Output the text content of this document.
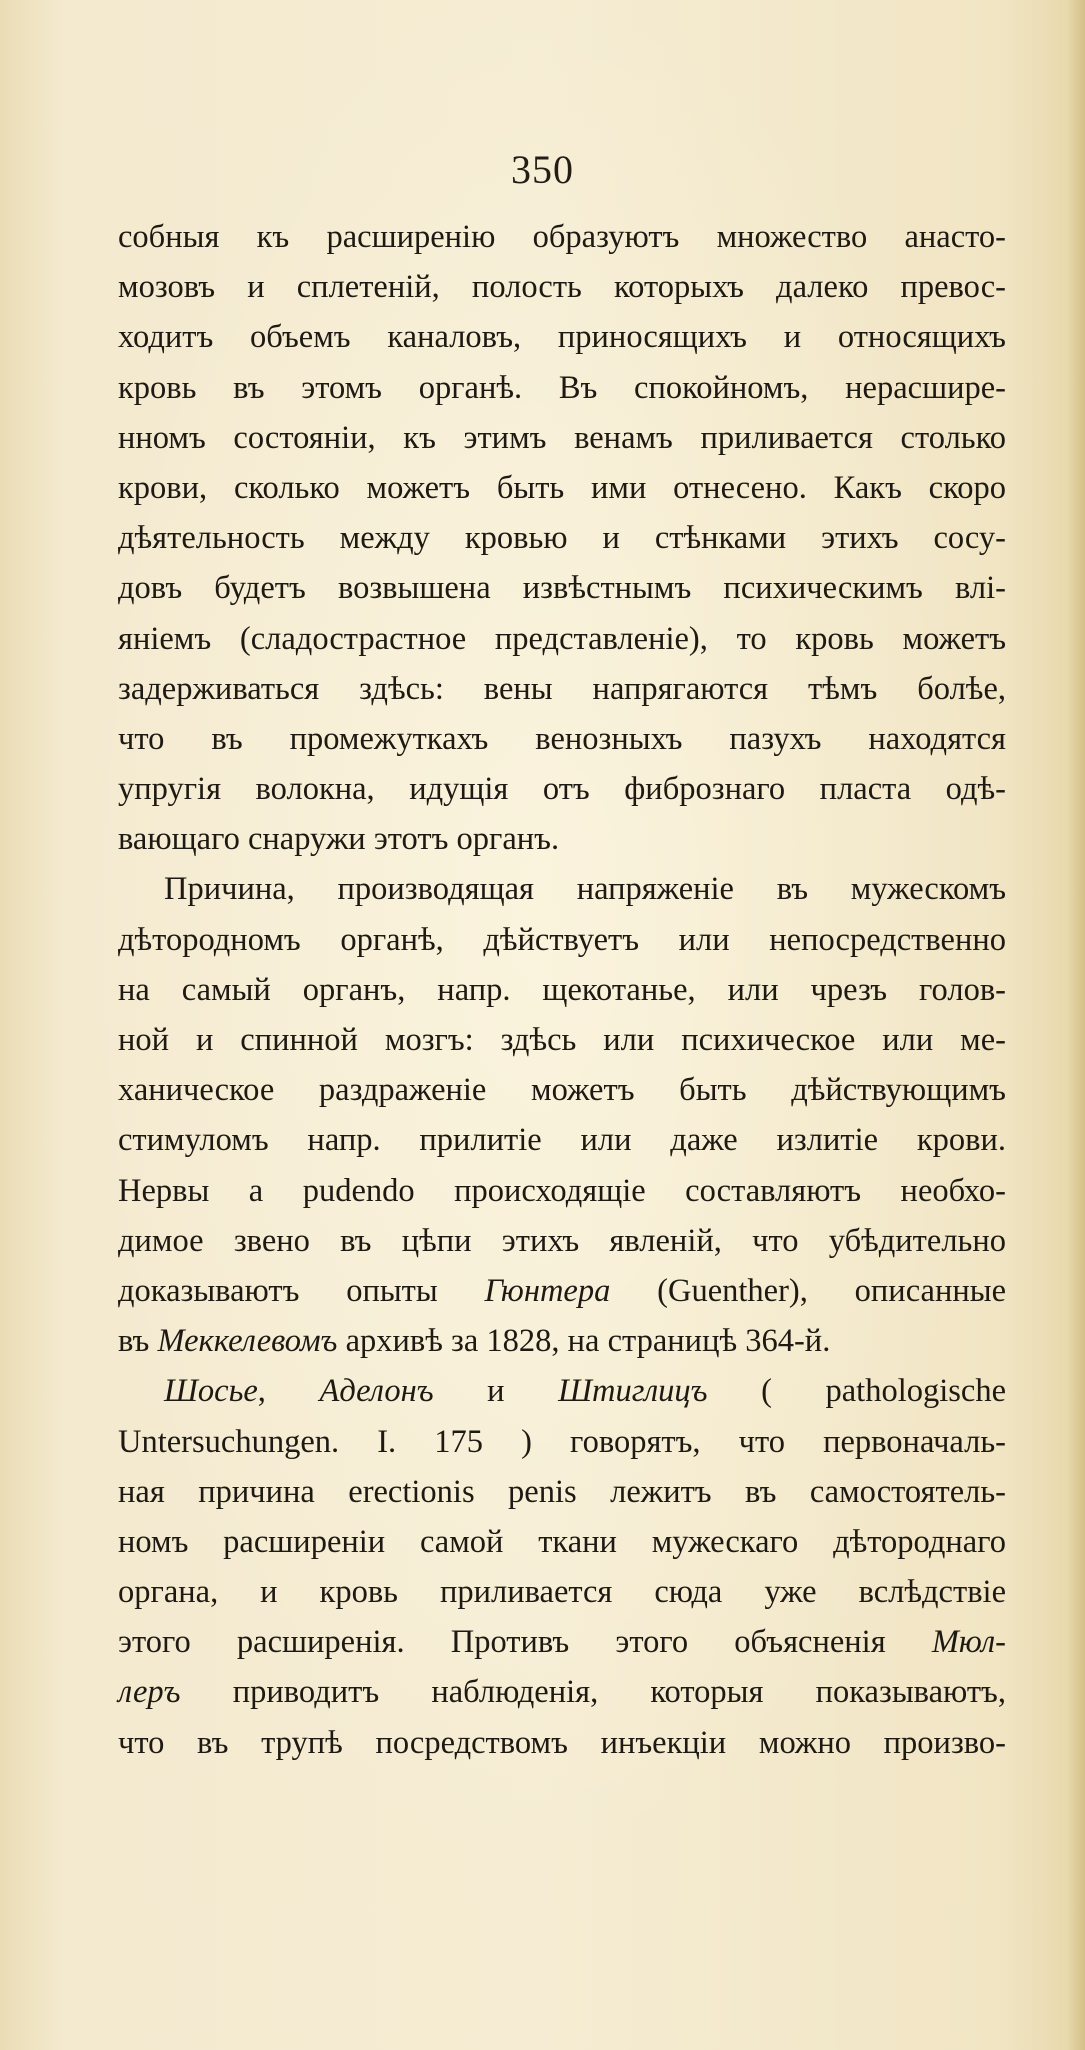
350
собныя къ расширенію образуютъ множество анасто-
мозовъ и сплетеній, полость которыхъ далеко превос-
ходитъ объемъ каналовъ, приносящихъ и относящихъ
кровь въ этомъ органѣ. Въ спокойномъ, нерасшире-
нномъ состояніи, къ этимъ венамъ приливается столько
крови, сколько можетъ быть ими отнесено. Какъ скоро
дѣятельность между кровью и стѣнками этихъ сосу-
довъ будетъ возвышена извѣстнымъ психическимъ влі-
яніемъ (сладострастное представленіе), то кровь можетъ
задерживаться здѣсь: вены напрягаются тѣмъ болѣе,
что въ промежуткахъ венозныхъ пазухъ находятся
упругія волокна, идущія отъ фибрознаго пласта одѣ-
вающаго снаружи этотъ органъ.
Причина, производящая напряженіе въ мужескомъ
дѣтородномъ органѣ, дѣйствуетъ или непосредственно
на самый органъ, напр. щекотанье, или чрезъ голов-
ной и спинной мозгъ: здѣсь или психическое или ме-
ханическое раздраженіе можетъ быть дѣйствующимъ
стимуломъ напр. прилитіе или даже излитіе крови.
Нервы а pudendo происходящіе составляютъ необхо-
димое звено въ цѣпи этихъ явленій, что убѣдительно
доказываютъ опыты Гюнтера (Guenther), описанные
въ Меккелевомъ архивѣ за 1828, на страницѣ 364-й.
Шосье, Аделонъ и Штиглицъ ( pathologische
Untersuchungen. I. 175 ) говорятъ, что первоначаль-
ная причина erectionis penis лежитъ въ самостоятель-
номъ расширеніи самой ткани мужескаго дѣтороднаго
органа, и кровь приливается сюда уже вслѣдствіе
этого расширенія. Противъ этого объясненія Мюл-
леръ приводитъ наблюденія, которыя показываютъ,
что въ трупѣ посредствомъ инъекціи можно произво-
